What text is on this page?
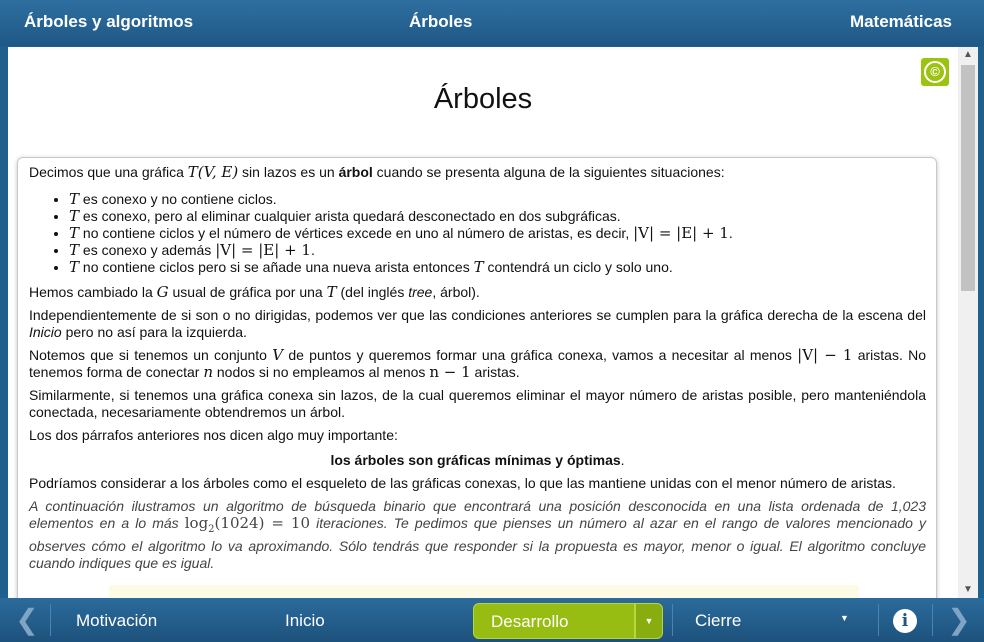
Árboles y algoritmos	Árboles	Matemáticas
©
Árboles

Decimos que una gráfica T(V, E) sin lazos es un árbol cuando se presenta alguna de la siguientes situaciones:

• T es conexo y no contiene ciclos.
• T es conexo, pero al eliminar cualquier arista quedará desconectado en dos subgráficas.
• T no contiene ciclos y el número de vértices excede en uno al número de aristas, es decir, |V| = |E| + 1.
• T es conexo y además |V| = |E| + 1.
• T no contiene ciclos pero si se añade una nueva arista entonces T contendrá un ciclo y solo uno.

Hemos cambiado la G usual de gráfica por una T (del inglés tree, árbol).

Independientemente de si son o no dirigidas, podemos ver que las condiciones anteriores se cumplen para la gráfica derecha de la escena del Inicio pero no así para la izquierda.

Notemos que si tenemos un conjunto V de puntos y queremos formar una gráfica conexa, vamos a necesitar al menos |V| − 1 aristas. No tenemos forma de conectar n nodos si no empleamos al menos n − 1 aristas.

Similarmente, si tenemos una gráfica conexa sin lazos, de la cual queremos eliminar el mayor número de aristas posible, pero manteniéndola conectada, necesariamente obtendremos un árbol.

Los dos párrafos anteriores nos dicen algo muy importante:

los árboles son gráficas mínimas y óptimas.

Podríamos considerar a los árboles como el esqueleto de las gráficas conexas, lo que las mantiene unidas con el menor número de aristas.

A continuación ilustramos un algoritmo de búsqueda binario que encontrará una posición desconocida en una lista ordenada de 1,023 elementos en a lo más $\log_2(1024) = 10$ iteraciones. Te pedimos que pienses un número al azar en el rango de valores mencionado y observes cómo el algoritmo lo va aproximando. Sólo tendrás que responder si la propuesta es mayor, menor o igual. El algoritmo concluye cuando indiques que es igual.

▲
▼
❮ Motivación	Inicio	Desarrollo	▼	Cierre	▼	i	❯
